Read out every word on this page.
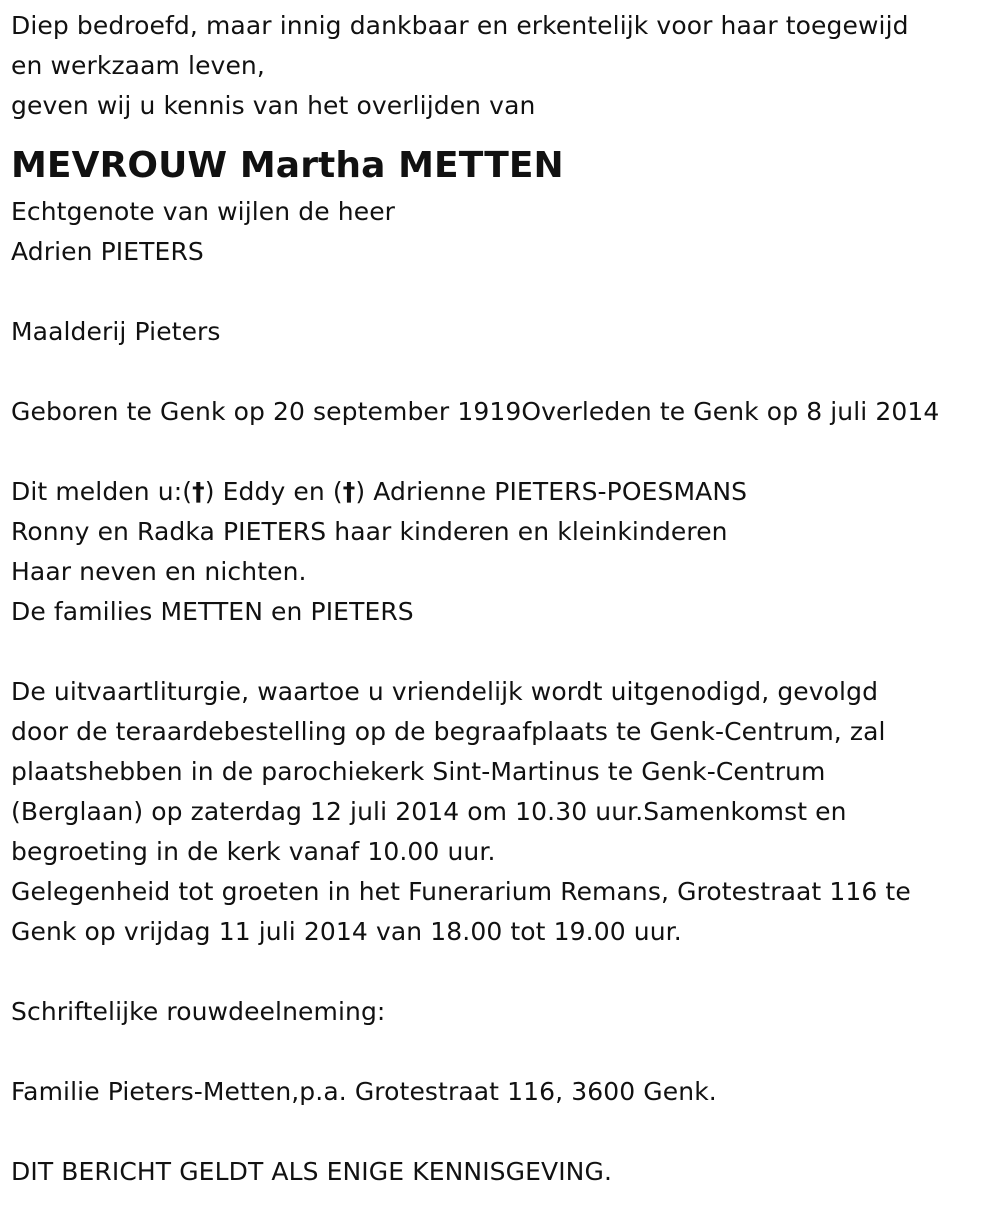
Diep bedroefd, maar innig dankbaar en erkentelijk voor haar toegewijd
en werkzaam leven,
geven wij u kennis van het overlijden van
MEVROUW Martha METTEN
Echtgenote van wijlen de heer
Adrien PIETERS
Maalderij Pieters
Geboren te Genk op 20 september 1919Overleden te Genk op 8 juli 2014
Dit melden u:(†) Eddy en (†) Adrienne PIETERS-POESMANS
Ronny en Radka PIETERS haar kinderen en kleinkinderen
Haar neven en nichten.
De families METTEN en PIETERS
De uitvaartliturgie, waartoe u vriendelijk wordt uitgenodigd, gevolgd
door de teraardebestelling op de begraafplaats te Genk-Centrum, zal
plaatshebben in de parochiekerk Sint-Martinus te Genk-Centrum
(Berglaan) op zaterdag 12 juli 2014 om 10.30 uur.Samenkomst en
begroeting in de kerk vanaf 10.00 uur.
Gelegenheid tot groeten in het Funerarium Remans, Grotestraat 116 te
Genk op vrijdag 11 juli 2014 van 18.00 tot 19.00 uur.
Schriftelijke rouwdeelneming:
Familie Pieters-Metten,p.a. Grotestraat 116, 3600 Genk.
DIT BERICHT GELDT ALS ENIGE KENNISGEVING.
